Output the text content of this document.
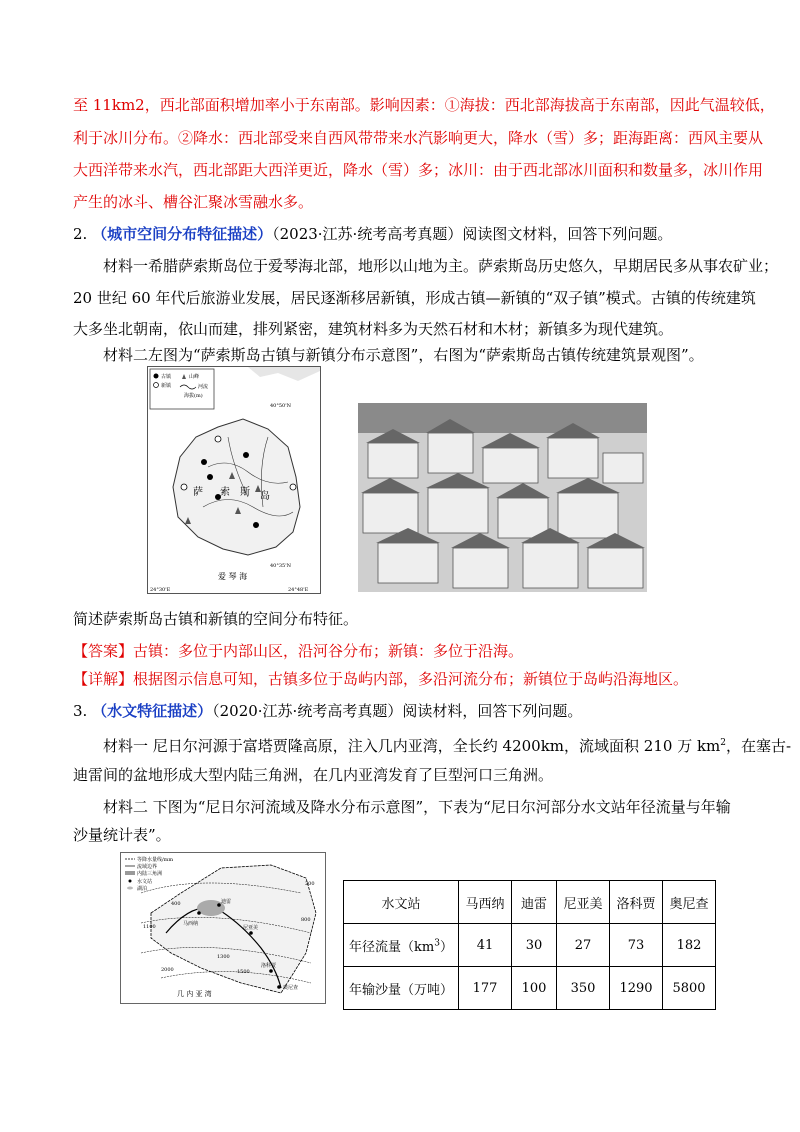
至 11km2，西北部面积增加率小于东南部。影响因素：①海拔：西北部海拔高于东南部，因此气温较低，
利于冰川分布。②降水：西北部受来自西风带带来水汽影响更大，降水（雪）多；距海距离：西风主要从
大西洋带来水汽，西北部距大西洋更近，降水（雪）多；冰川：由于西北部冰川面积和数量多，冰川作用
产生的冰斗、槽谷汇聚冰雪融水多。
2. （城市空间分布特征描述）（2023·江苏·统考高考真题）阅读图文材料，回答下列问题。
材料一希腊萨索斯岛位于爱琴海北部，地形以山地为主。萨索斯岛历史悠久，早期居民多从事农矿业；
20 世纪 60 年代后旅游业发展，居民逐渐移居新镇，形成古镇—新镇的“双子镇”模式。古镇的传统建筑
大多坐北朝南，依山而建，排列紧密，建筑材料多为天然石材和木材；新镇多为现代建筑。
材料二左图为“萨索斯岛古镇与新镇分布示意图”，右图为“萨索斯岛古镇传统建筑景观图”。
古镇
新镇
山峰
河流
海拔(m)
40°50'N
40°35'N
24°30'E	24°48'E
萨 索 斯 岛
爱 琴 海
简述萨索斯岛古镇和新镇的空间分布特征。
【答案】古镇：多位于内部山区，沿河谷分布；新镇：多位于沿海。
【详解】根据图示信息可知，古镇多位于岛屿内部，多沿河流分布；新镇位于岛屿沿海地区。
3. （水文特征描述）（2020·江苏·统考高考真题）阅读材料，回答下列问题。
材料一 尼日尔河源于富塔贾隆高原，注入几内亚湾，全长约 4200km，流域面积 210 万 $km^2$，在塞古-
迪雷间的盆地形成大型内陆三角洲，在几内亚湾发育了巨型河口三角洲。
材料二 下图为“尼日尔河流域及降水分布示意图”，下表为“尼日尔河部分水文站年径流量与年输
沙量统计表”。
等降水量线/mm
流域边界
内陆三角洲
水文站
湖泊
马西纳
迪雷
尼亚美
洛科贾
奥尼查
200
400
800
1100
1300
1500
2000
几 内 亚 湾
水文站	马西纳	迪雷	尼亚美	洛科贾	奥尼查
年径流量$(km^3)$	41	30	27	73	182
年输沙量（万吨）	177	100	350	1290	5800
